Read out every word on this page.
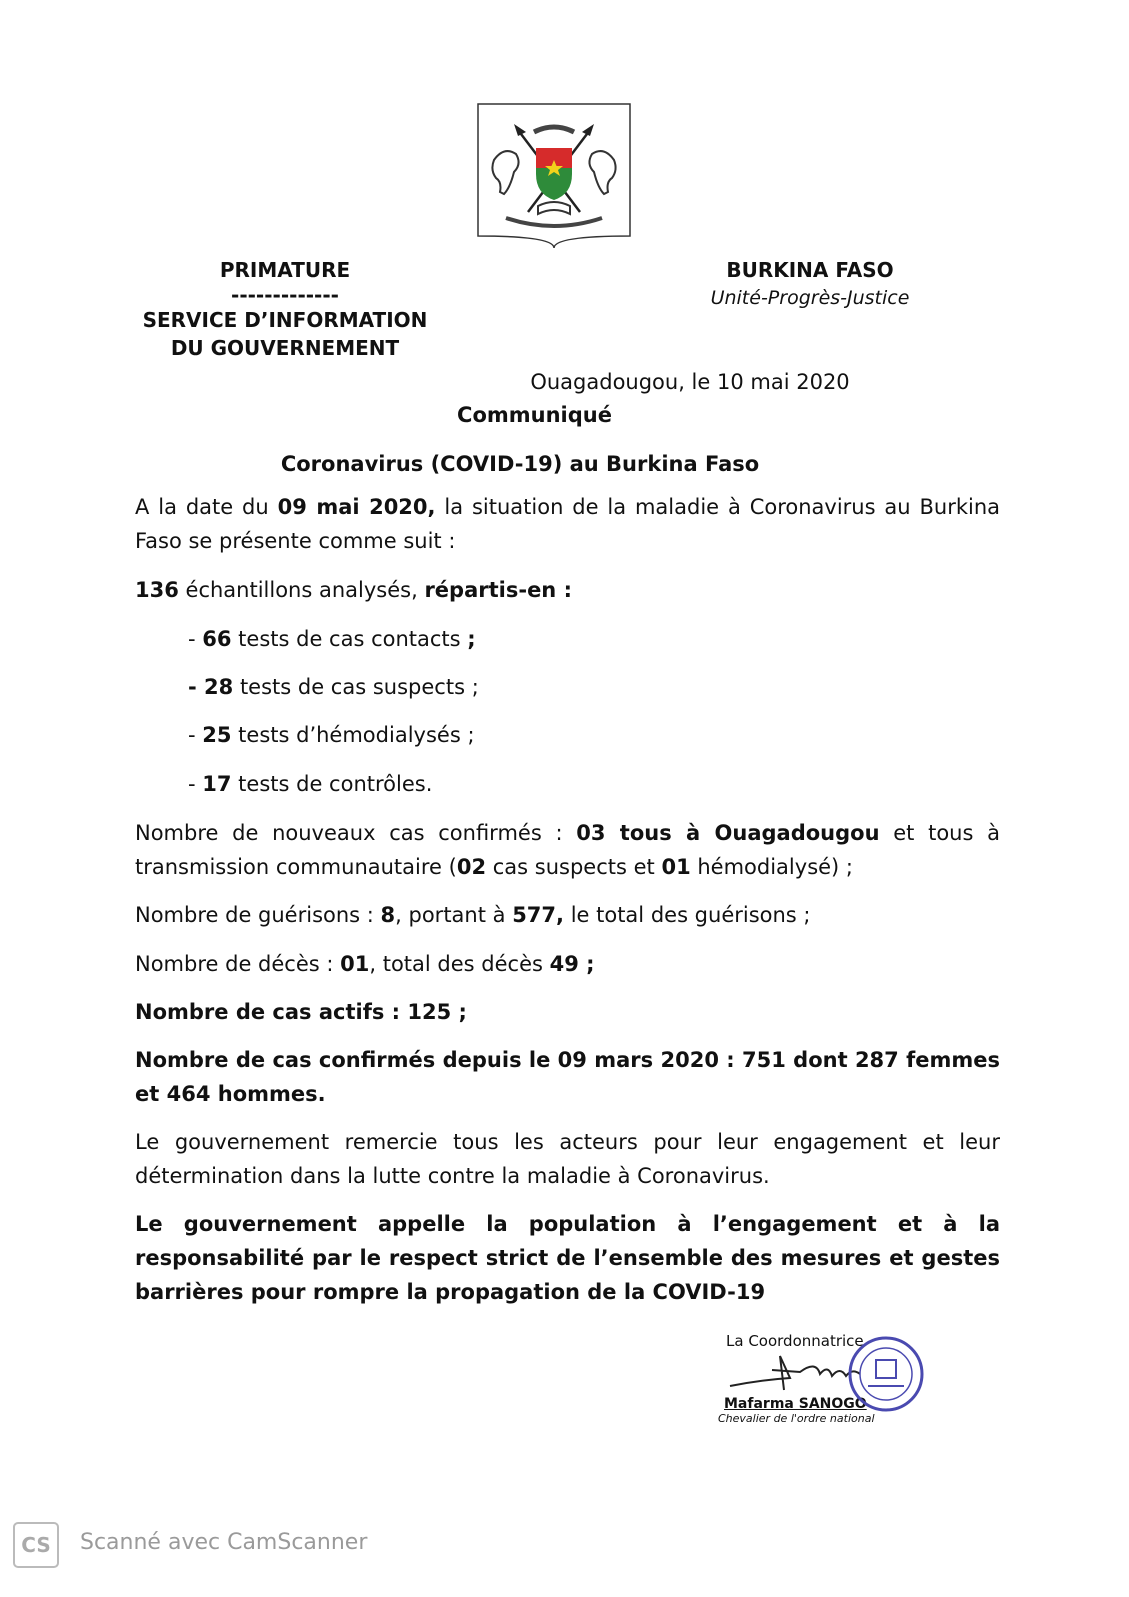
PRIMATURE
-------------
SERVICE D’INFORMATION
DU GOUVERNEMENT
BURKINA FASO
Unité-Progrès-Justice
Ouagadougou, le 10 mai 2020
Communiqué
Coronavirus (COVID-19) au Burkina Faso
A la date du 09 mai 2020, la situation de la maladie à Coronavirus au Burkina Faso se présente comme suit :
136 échantillons analysés, répartis-en :
- 66 tests de cas contacts ;
- 28 tests de cas suspects ;
- 25 tests d’hémodialysés ;
- 17 tests de contrôles.
Nombre de nouveaux cas confirmés : 03 tous à Ouagadougou et tous à transmission communautaire (02 cas suspects et 01 hémodialysé) ;
Nombre de guérisons : 8, portant à 577, le total des guérisons ;
Nombre de décès : 01, total des décès 49 ;
Nombre de cas actifs : 125 ;
Nombre de cas confirmés depuis le 09 mars 2020 : 751 dont 287 femmes et 464 hommes.
Le gouvernement remercie tous les acteurs pour leur engagement et leur détermination dans la lutte contre la maladie à Coronavirus.
Le gouvernement appelle la population à l’engagement et à la responsabilité par le respect strict de l’ensemble des mesures et gestes barrières pour rompre la propagation de la COVID-19
La Coordonnatrice
Mafarma SANOGO
Chevalier de l'ordre national
CS	Scanné avec CamScanner
